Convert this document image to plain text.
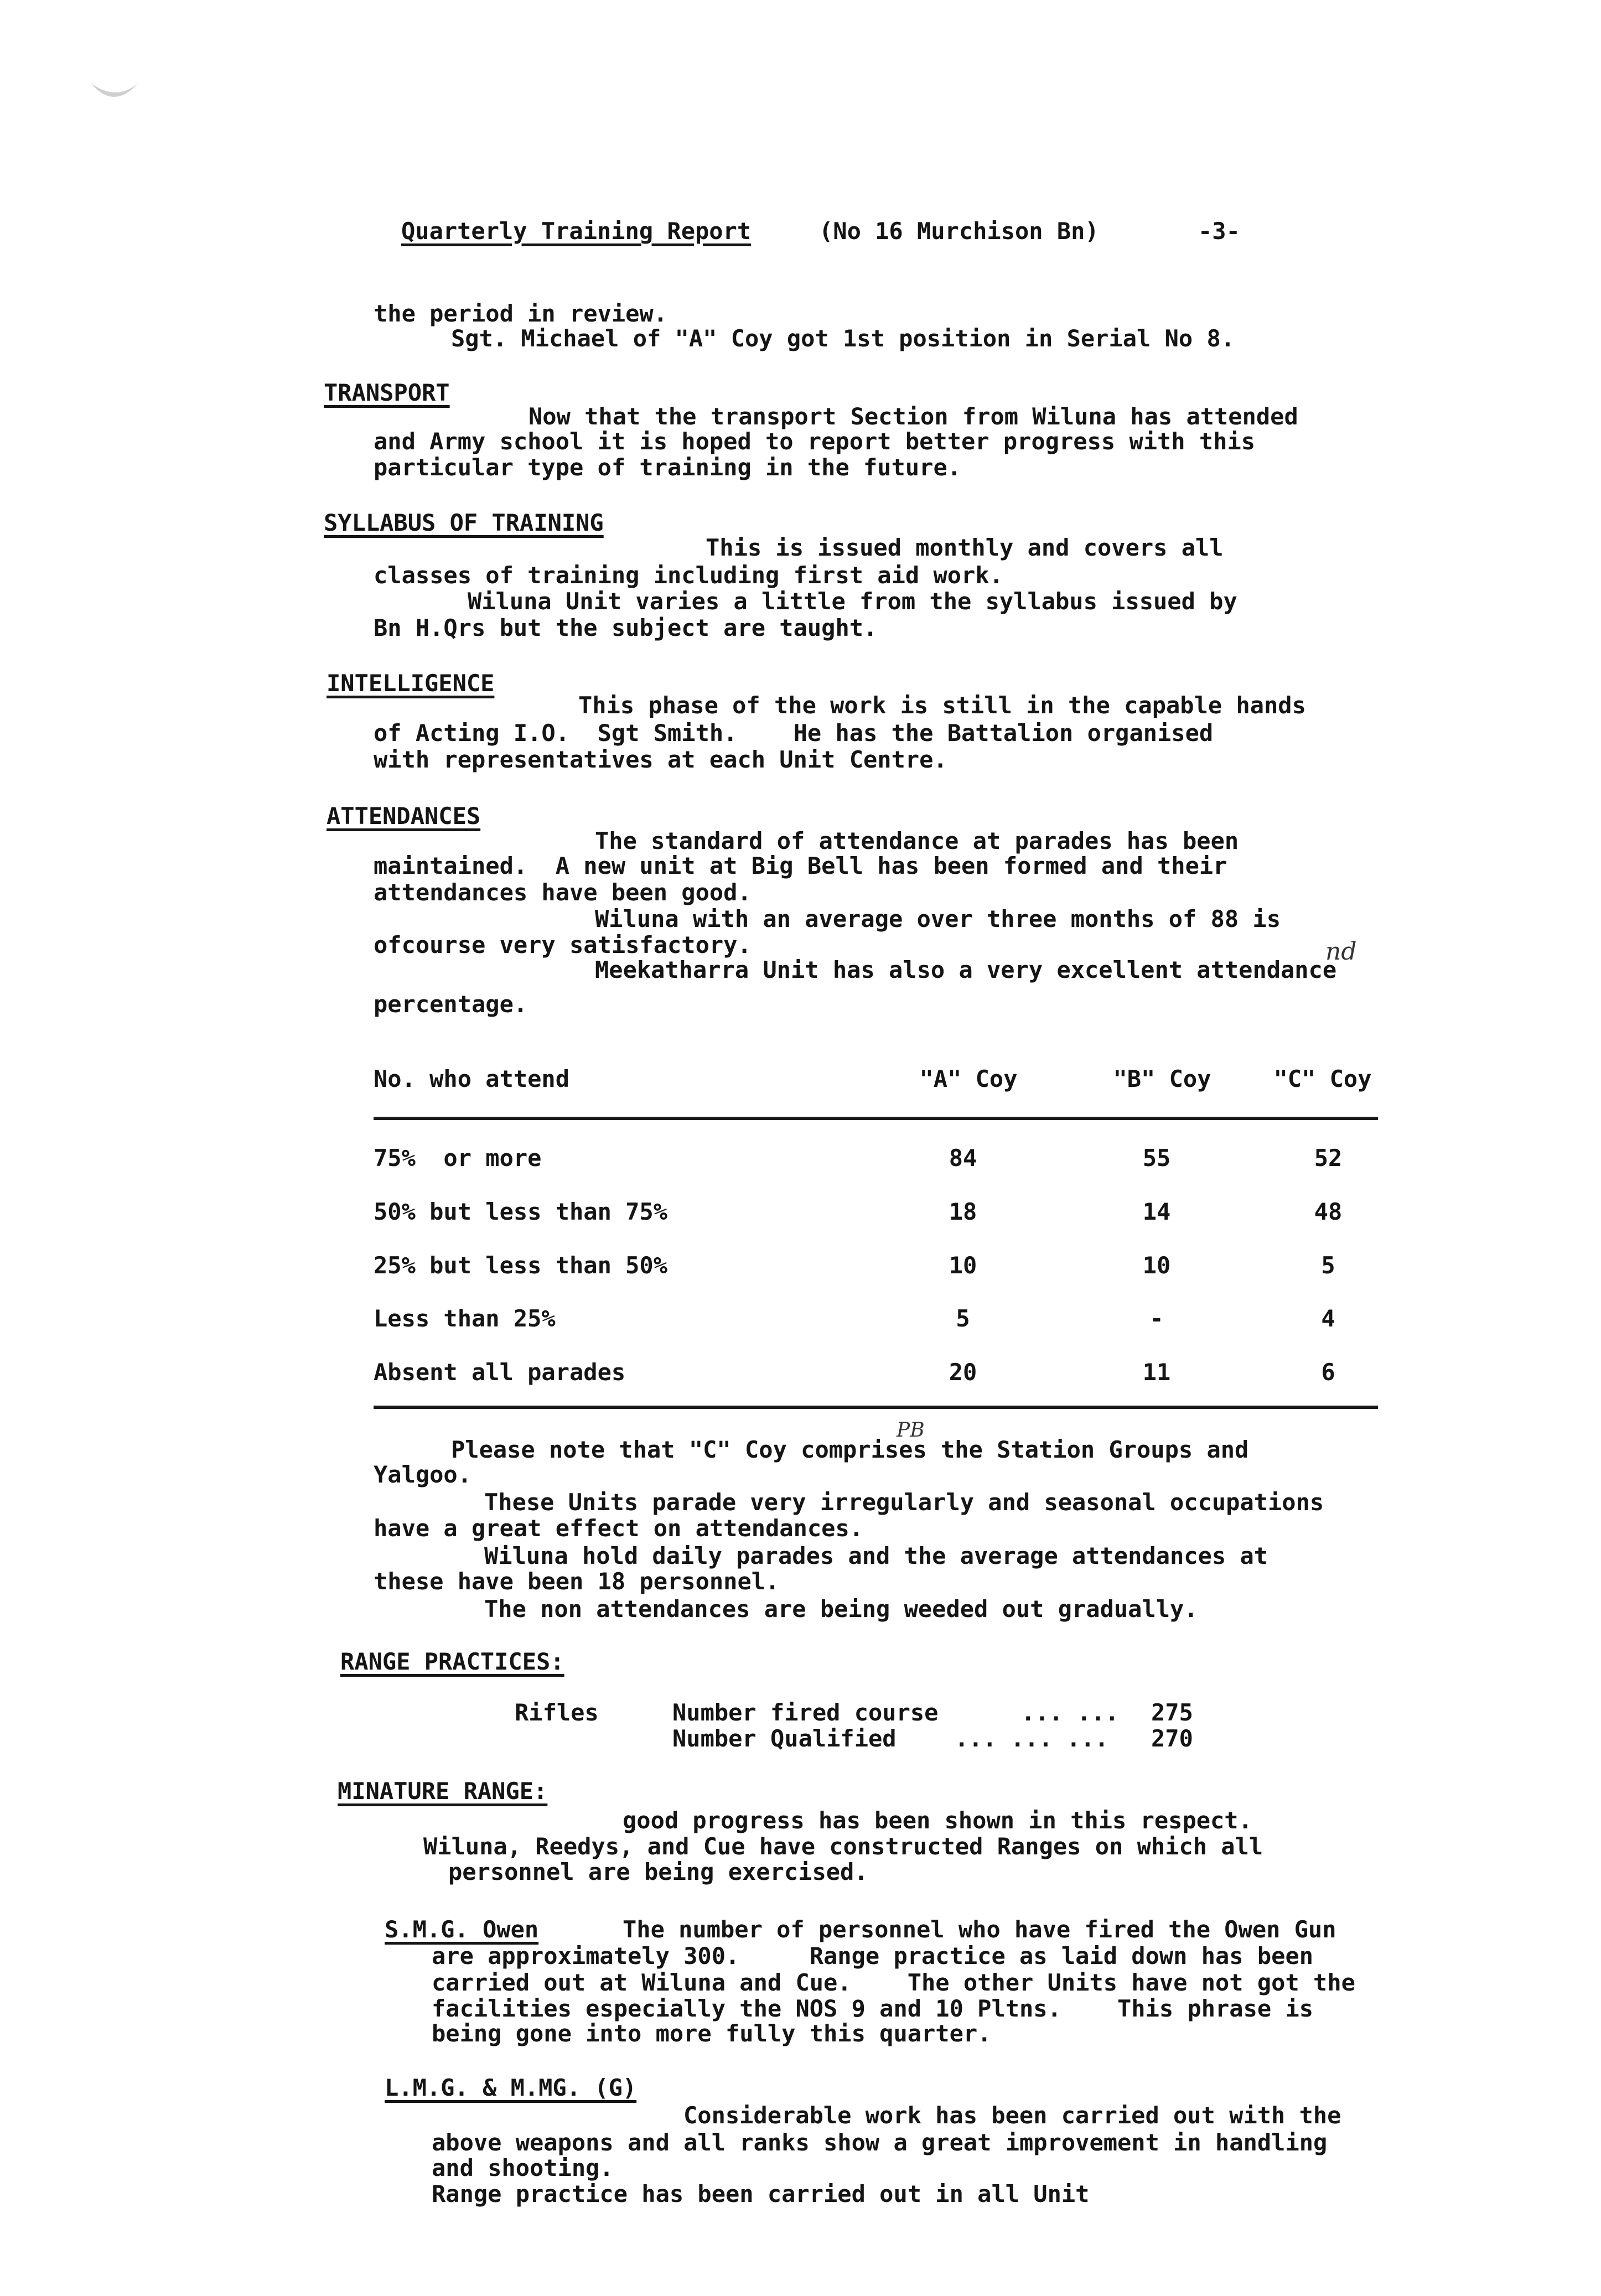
Quarterly Training Report	(No 16 Murchison Bn)	-3-
the period in review.
Sgt. Michael of "A" Coy got 1st position in Serial No 8.
TRANSPORT
Now that the transport Section from Wiluna has attended
and Army school it is hoped to report better progress with this
particular type of training in the future.
SYLLABUS OF TRAINING
This is issued monthly and covers all
classes of training including first aid work.
Wiluna Unit varies a little from the syllabus issued by
Bn H.Qrs but the subject are taught.
INTELLIGENCE
This phase of the work is still in the capable hands
of Acting I.O.  Sgt Smith.    He has the Battalion organised
with representatives at each Unit Centre.
ATTENDANCES
The standard of attendance at parades has been
maintained.  A new unit at Big Bell has been formed and their
attendances have been good.
Wiluna with an average over three months of 88 is
ofcourse very satisfactory.	nd
Meekatharra Unit has also a very excellent attendance
percentage.
No. who attend	"A" Coy	"B" Coy	"C" Coy
75%  or more	84	55	52
50% but less than 75%	18	14	48
25% but less than 50%	10	10	5
Less than 25%	5	-	4
Absent all parades	20	11	6
PB
Please note that "C" Coy comprises the Station Groups and
Yalgoo.
These Units parade very irregularly and seasonal occupations
have a great effect on attendances.
Wiluna hold daily parades and the average attendances at
these have been 18 personnel.
The non attendances are being weeded out gradually.
RANGE PRACTICES:
Rifles	Number fired course	... ... 275
Number Qualified	... ... ... 270
MINATURE RANGE:
good progress has been shown in this respect.
Wiluna, Reedys, and Cue have constructed Ranges on which all
personnel are being exercised.
S.M.G. Owen	The number of personnel who have fired the Owen Gun
are approximately 300.     Range practice as laid down has been
carried out at Wiluna and Cue.    The other Units have not got the
facilities especially the NOS 9 and 10 Pltns.    This phrase is
being gone into more fully this quarter.
L.M.G. & M.MG. (G)
Considerable work has been carried out with the
above weapons and all ranks show a great improvement in handling
and shooting.
Range practice has been carried out in all Unit
